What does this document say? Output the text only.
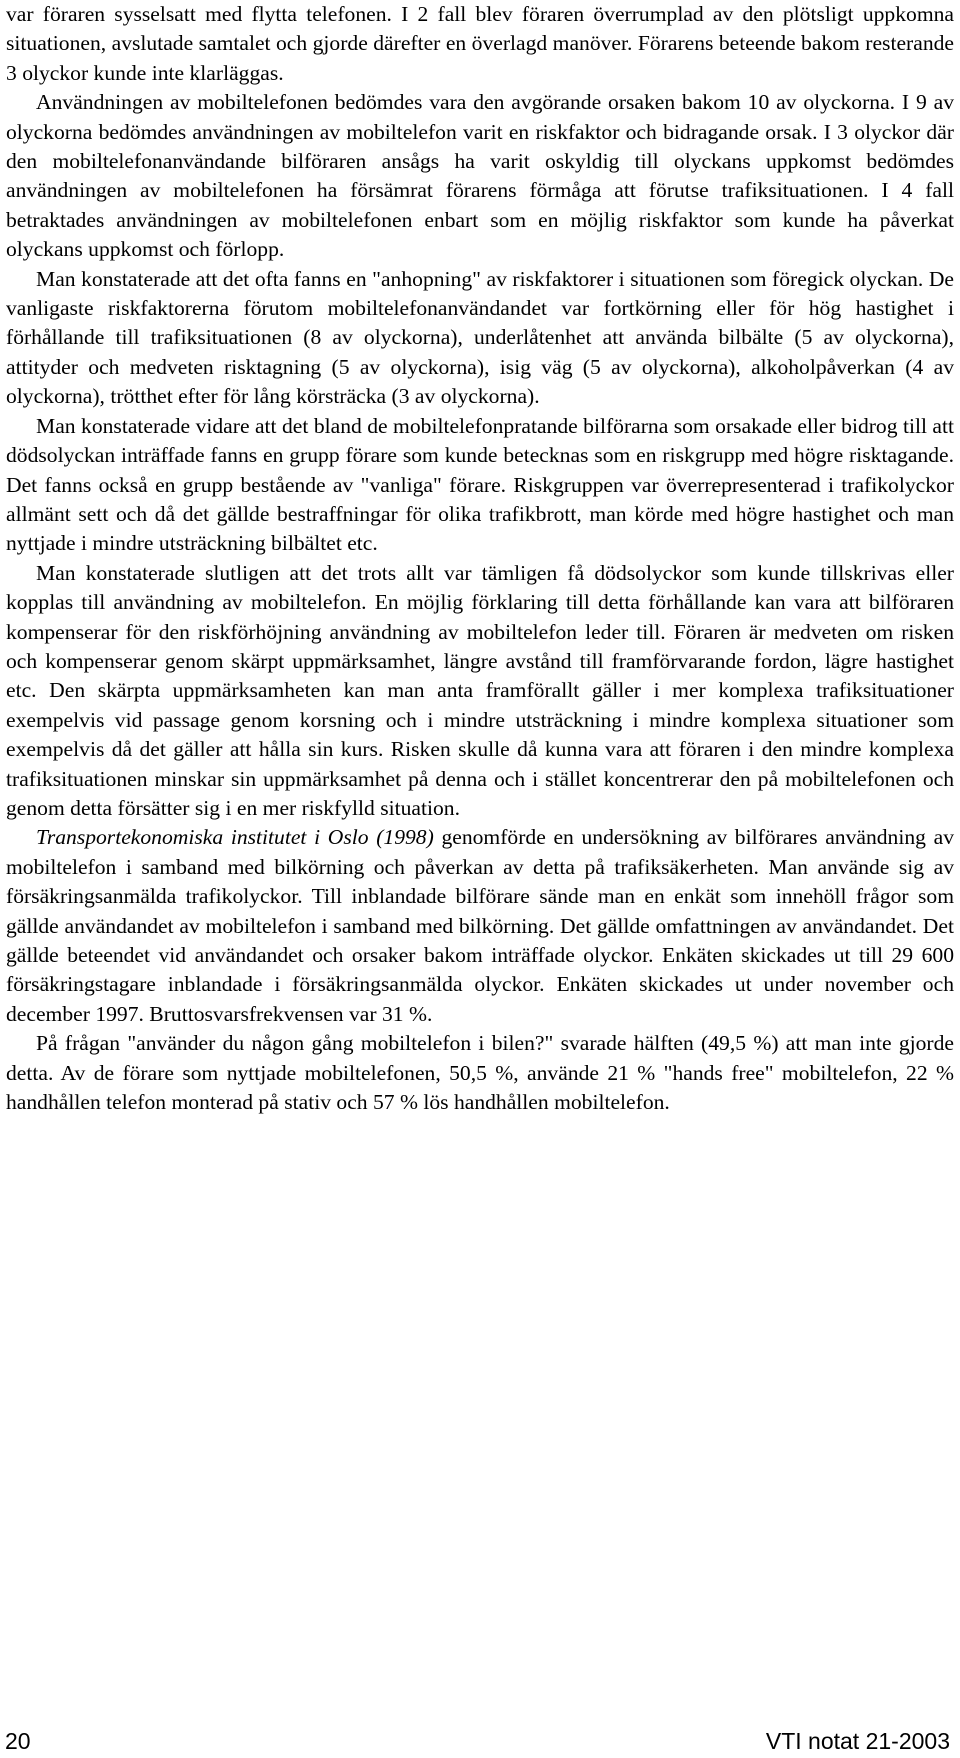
var föraren sysselsatt med flytta telefonen. I 2 fall blev föraren överrumplad av den plötsligt uppkomna situationen, avslutade samtalet och gjorde därefter en överlagd manöver. Förarens beteende bakom resterande 3 olyckor kunde inte klarläggas.

Användningen av mobiltelefonen bedömdes vara den avgörande orsaken bakom 10 av olyckorna. I 9 av olyckorna bedömdes användningen av mobiltelefon varit en riskfaktor och bidragande orsak. I 3 olyckor där den mobiltelefonanvändande bilföraren ansågs ha varit oskyldig till olyckans uppkomst bedömdes användningen av mobiltelefonen ha försämrat förarens förmåga att förutse trafiksituationen. I 4 fall betraktades användningen av mobiltelefonen enbart som en möjlig riskfaktor som kunde ha påverkat olyckans uppkomst och förlopp.

Man konstaterade att det ofta fanns en "anhopning" av riskfaktorer i situationen som föregick olyckan. De vanligaste riskfaktorerna förutom mobiltelefonanvändandet var fortkörning eller för hög hastighet i förhållande till trafiksituationen (8 av olyckorna), underlåtenhet att använda bilbälte (5 av olyckorna), attityder och medveten risktagning (5 av olyckorna), isig väg (5 av olyckorna), alkoholpåverkan (4 av olyckorna), trötthet efter för lång körsträcka (3 av olyckorna).

Man konstaterade vidare att det bland de mobiltelefonpratande bilförarna som orsakade eller bidrog till att dödsolyckan inträffade fanns en grupp förare som kunde betecknas som en riskgrupp med högre risktagande. Det fanns också en grupp bestående av "vanliga" förare. Riskgruppen var överrepresenterad i trafikolyckor allmänt sett och då det gällde bestraffningar för olika trafikbrott, man körde med högre hastighet och man nyttjade i mindre utsträckning bilbältet etc.

Man konstaterade slutligen att det trots allt var tämligen få dödsolyckor som kunde tillskrivas eller kopplas till användning av mobiltelefon. En möjlig förklaring till detta förhållande kan vara att bilföraren kompenserar för den riskförhöjning användning av mobiltelefon leder till. Föraren är medveten om risken och kompenserar genom skärpt uppmärksamhet, längre avstånd till framförvarande fordon, lägre hastighet etc. Den skärpta uppmärksamheten kan man anta framförallt gäller i mer komplexa trafiksituationer exempelvis vid passage genom korsning och i mindre utsträckning i mindre komplexa situationer som exempelvis då det gäller att hålla sin kurs. Risken skulle då kunna vara att föraren i den mindre komplexa trafiksituationen minskar sin uppmärksamhet på denna och i stället koncentrerar den på mobiltelefonen och genom detta försätter sig i en mer riskfylld situation.

Transportekonomiska institutet i Oslo (1998) genomförde en undersökning av bilförares användning av mobiltelefon i samband med bilkörning och påverkan av detta på trafiksäkerheten. Man använde sig av försäkringsanmälda trafikolyckor. Till inblandade bilförare sände man en enkät som innehöll frågor som gällde användandet av mobiltelefon i samband med bilkörning. Det gällde omfattningen av användandet. Det gällde beteendet vid användandet och orsaker bakom inträffade olyckor. Enkäten skickades ut till 29 600 försäkringstagare inblandade i försäkringsanmälda olyckor. Enkäten skickades ut under november och december 1997. Bruttosvarsfrekvensen var 31 %.

På frågan "använder du någon gång mobiltelefon i bilen?" svarade hälften (49,5 %) att man inte gjorde detta. Av de förare som nyttjade mobiltelefonen, 50,5 %, använde 21 % "hands free" mobiltelefon, 22 % handhållen telefon monterad på stativ och 57 % lös handhållen mobiltelefon.

20	VTI notat 21-2003
